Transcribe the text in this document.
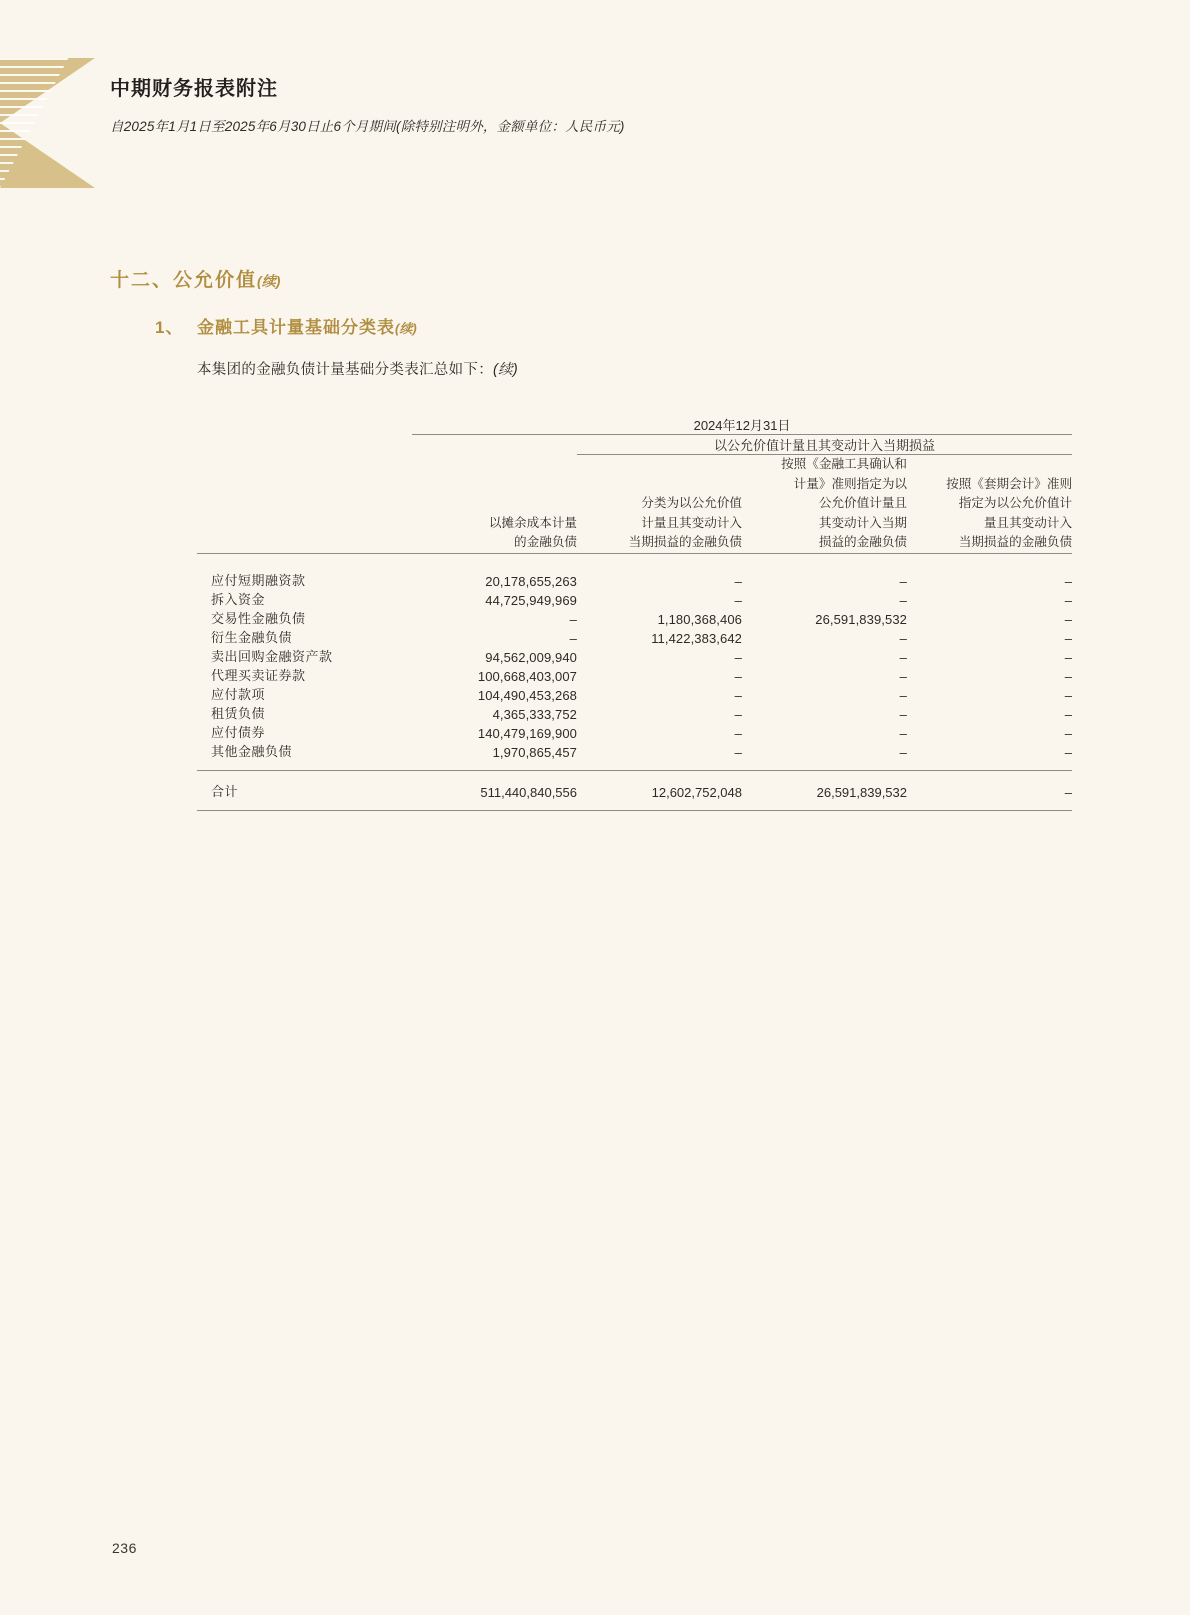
中期财务报表附注
自2025年1月1日至2025年6月30日止6个月期间(除特别注明外，金额单位：人民币元)
十二、公允价值(续)
1、 金融工具计量基础分类表(续)
本集团的金融负债计量基础分类表汇总如下：(续)
	2024年12月31日			

		以公允价值计量且其变动计入当期损益		

以摊余成本计量
的金融负债

分类为以公允价值
计量且其变动计入
当期损益的金融负债

按照《金融工具确认和
计量》准则指定为以
公允价值计量且
其变动计入当期
损益的金融负债

按照《套期会计》准则
指定为以公允价值计
量且其变动计入
当期损益的金融负债

应付短期融资款	20,178,655,263	–	–	–
拆入资金	44,725,949,969	–	–	–
交易性金融负债	–	1,180,368,406	26,591,839,532	–
衍生金融负债	–	11,422,383,642	–	–
卖出回购金融资产款	94,562,009,940	–	–	–
代理买卖证券款	100,668,403,007	–	–	–
应付款项	104,490,453,268	–	–	–
租赁负债	4,365,333,752	–	–	–
应付债券	140,479,169,900	–	–	–
其他金融负债	1,970,865,457	–	–	–

合计	511,440,840,556	12,602,752,048	26,591,839,532	–

236
